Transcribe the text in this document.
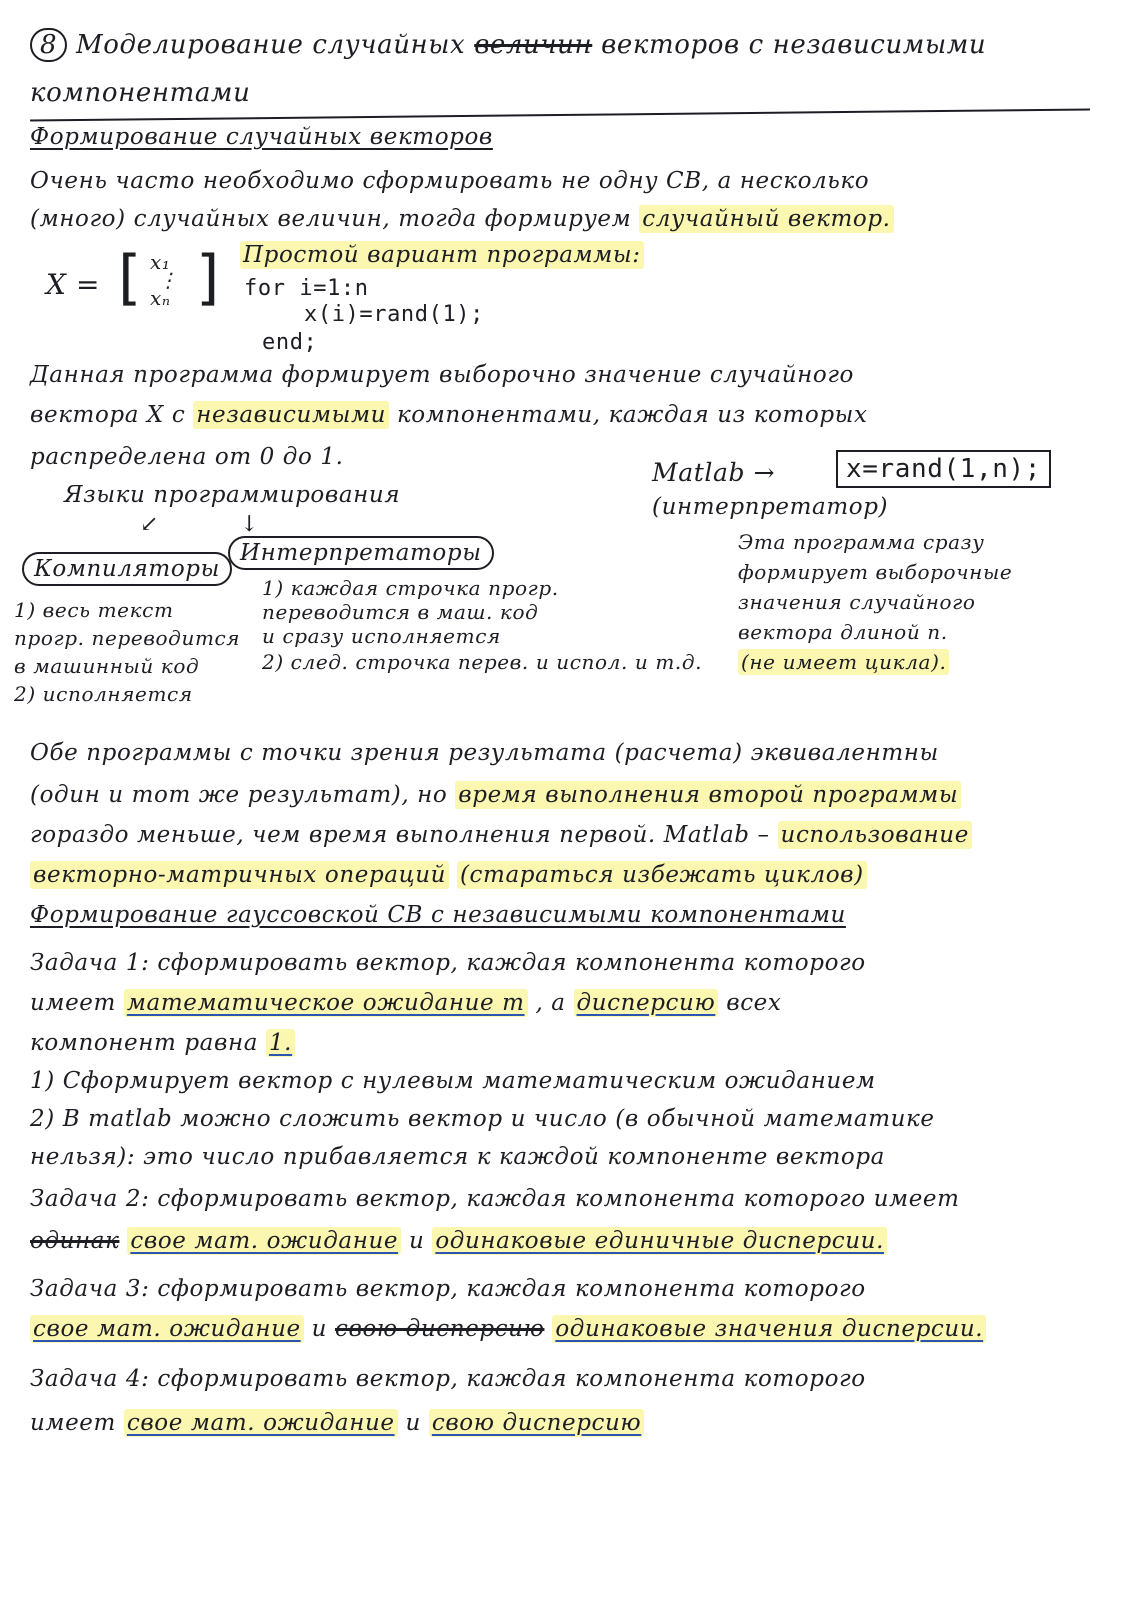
8 Моделирование случайных величин векторов с независимыми
компонентами
Формирование случайных векторов
Очень часто необходимо сформировать не одну СВ, а несколько
(много) случайных величин, тогда формируем случайный вектор.
X = [ x₁
⋮
xₙ ] Простой вариант программы:
for i=1:n
x(i)=rand(1);
end;
Данная программа формирует выборочно значение случайного
вектора X с независимыми компонентами, каждая из которых
распределена от 0 до 1.
Matlab →	x=rand(1,n);
(интерпретатор)
Языки программирования
↙	↓
Компиляторы
Интерпретаторы
1) весь текст
прогр. переводится
в машинный код
2) исполняется
1) каждая строчка прогр.
переводится в маш. код
и сразу исполняется
2) след. строчка перев. и испол. и т.д.
Эта программа сразу
формирует выборочные
значения случайного
вектора длиной n.
(не имеет цикла).
Обе программы с точки зрения результата (расчета) эквивалентны
(один и тот же результат), но время выполнения второй программы
гораздо меньше, чем время выполнения первой. Matlab – использование
векторно-матричных операций (стараться избежать циклов)
Формирование гауссовской СВ с независимыми компонентами
Задача 1: сформировать вектор, каждая компонента которого
имеет математическое ожидание m , а дисперсию всех
компонент равна 1.
1) Сформирует вектор с нулевым математическим ожиданием
2) В matlab можно сложить вектор и число (в обычной математике
нельзя): это число прибавляется к каждой компоненте вектора
Задача 2: сформировать вектор, каждая компонента которого имеет
одинак свое мат. ожидание и одинаковые единичные дисперсии.
Задача 3: сформировать вектор, каждая компонента которого
свое мат. ожидание и свою дисперсию одинаковые значения дисперсии.
Задача 4: сформировать вектор, каждая компонента которого
имеет свое мат. ожидание и свою дисперсию
